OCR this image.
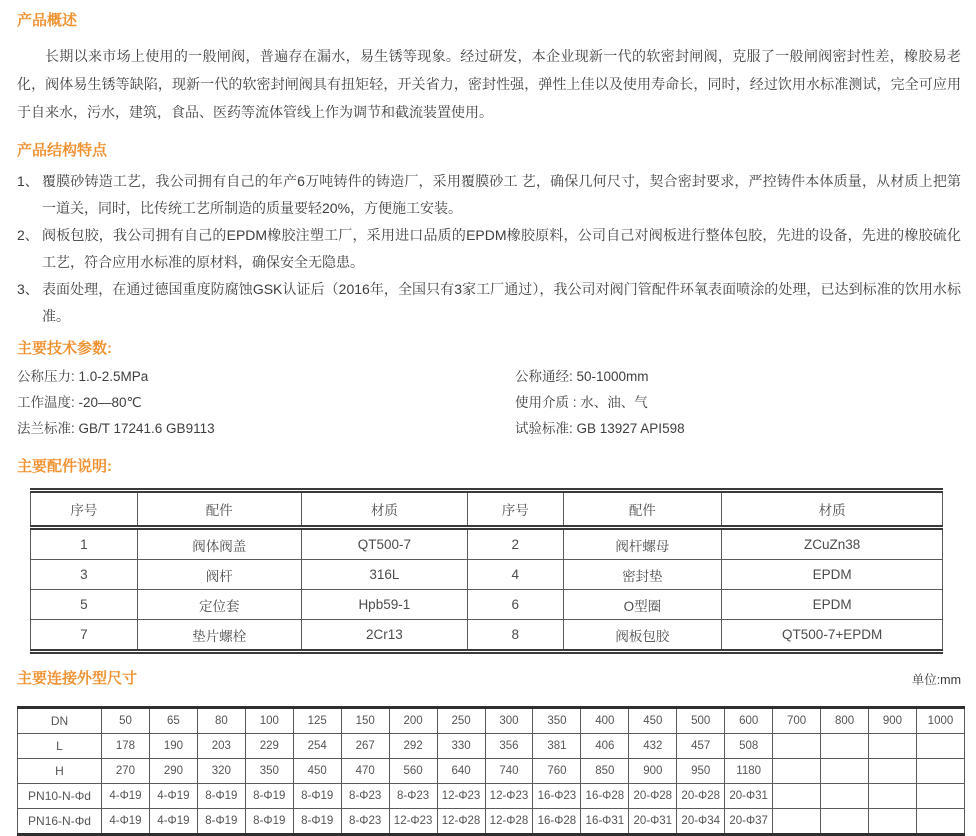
产品概述

长期以来市场上使用的一般闸阀，普遍存在漏水，易生锈等现象。经过研发，本企业现新一代的软密封闸阀，克服了一般闸阀密封性差，橡胶易老化，阀体易生锈等缺陷，现新一代的软密封闸阀具有扭矩轻，开关省力，密封性强，弹性上佳以及使用寿命长，同时，经过饮用水标准测试，完全可应用于自来水，污水，建筑，食品、医药等流体管线上作为调节和截流装置使用。

产品结构特点
1、 覆膜砂铸造工艺，我公司拥有自己的年产6万吨铸件的铸造厂，采用覆膜砂工 艺，确保几何尺寸，契合密封要求，严控铸件本体质量，从材质上把第一道关，同时，比传统工艺所制造的质量要轻20%，方便施工安装。
2、 阀板包胶，我公司拥有自己的EPDM橡胶注塑工厂，采用进口品质的EPDM橡胶原料，公司自己对阀板进行整体包胶，先进的设备，先进的橡胶硫化工艺，符合应用水标准的原材料，确保安全无隐患。
3、 表面处理，在通过德国重度防腐蚀GSK认证后（2016年，全国只有3家工厂通过），我公司对阀门管配件环氧表面喷涂的处理，已达到标准的饮用水标准。
主要技术参数:
公称压力: 1.0-2.5MPa
工作温度: -20—80℃
法兰标准: GB/T 17241.6 GB9113
公称通经: 50-1000mm
使用介质 : 水、油、气
试验标准: GB 13927 API598
主要配件说明:
序号	配件	材质	序号	配件	材质
1	阀体阀盖	QT500-7	2	阀杆螺母	ZCuZn38
3	阀杆	316L	4	密封垫	EPDM
5	定位套	Hpb59-1	6	O型圈	EPDM
7	垫片螺栓	2Cr13	8	阀板包胶	QT500-7+EPDM
主要连接外型尺寸	单位:mm
DN	50	65	80	100	125	150	200	250	300	350	400	450	500	600	700	800	900	1000
L	178	190	203	229	254	267	292	330	356	381	406	432	457	508				
H	270	290	320	350	450	470	560	640	740	760	850	900	950	1180				
PN10-N-Φd	4-Φ19	4-Φ19	8-Φ19	8-Φ19	8-Φ19	8-Φ23	8-Φ23	12-Φ23	12-Φ23	16-Φ23	16-Φ28	20-Φ28	20-Φ28	20-Φ31				
PN16-N-Φd	4-Φ19	4-Φ19	8-Φ19	8-Φ19	8-Φ19	8-Φ23	12-Φ23	12-Φ28	12-Φ28	16-Φ28	16-Φ31	20-Φ31	20-Φ34	20-Φ37				
